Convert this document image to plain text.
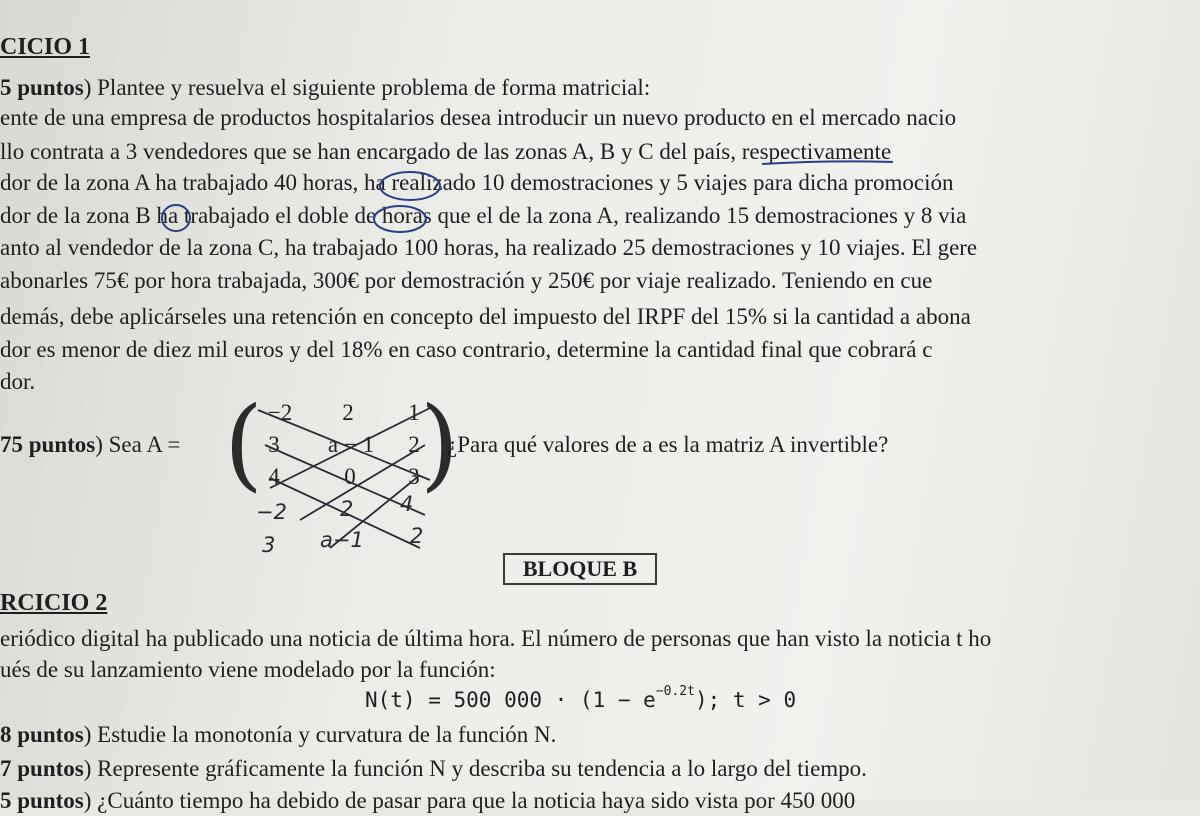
CICIO 1
5 puntos) Plantee y resuelva el siguiente problema de forma matricial:
ente de una empresa de productos hospitalarios desea introducir un nuevo producto en el mercado nacio
llo contrata a 3 vendedores que se han encargado de las zonas A, B y C del país, respectivamente
dor de la zona A ha trabajado 40 horas, ha realizado 10 demostraciones y 5 viajes para dicha promoción
dor de la zona B ha trabajado el doble de horas que el de la zona A, realizando 15 demostraciones y 8 via
anto al vendedor de la zona C, ha trabajado 100 horas, ha realizado 25 demostraciones y 10 viajes. El gere
abonarles 75€ por hora trabajada, 300€ por demostración y 250€ por viaje realizado. Teniendo en cue
demás, debe aplicárseles una retención en concepto del impuesto del IRPF del 15% si la cantidad a abona
dor es menor de diez mil euros y del 18% en caso contrario, determine la cantidad final que cobrará c
dor.
75 puntos) Sea A = ( )
−2	2	1
3	a − 1	2
4	0	3
¿Para qué valores de a es la matriz A invertible?
−2	2 4
3 a−1 2
BLOQUE B
RCICIO 2
eriódico digital ha publicado una noticia de última hora. El número de personas que han visto la noticia t ho
ués de su lanzamiento viene modelado por la función:
N(t) = 500 $000 \cdot (1 - e^{-0.2t})$; t > 0
8 puntos) Estudie la monotonía y curvatura de la función N.
7 puntos) Represente gráficamente la función N y describa su tendencia a lo largo del tiempo.
5 puntos) ¿Cuánto tiempo ha debido de pasar para que la noticia haya sido vista por 450 000
